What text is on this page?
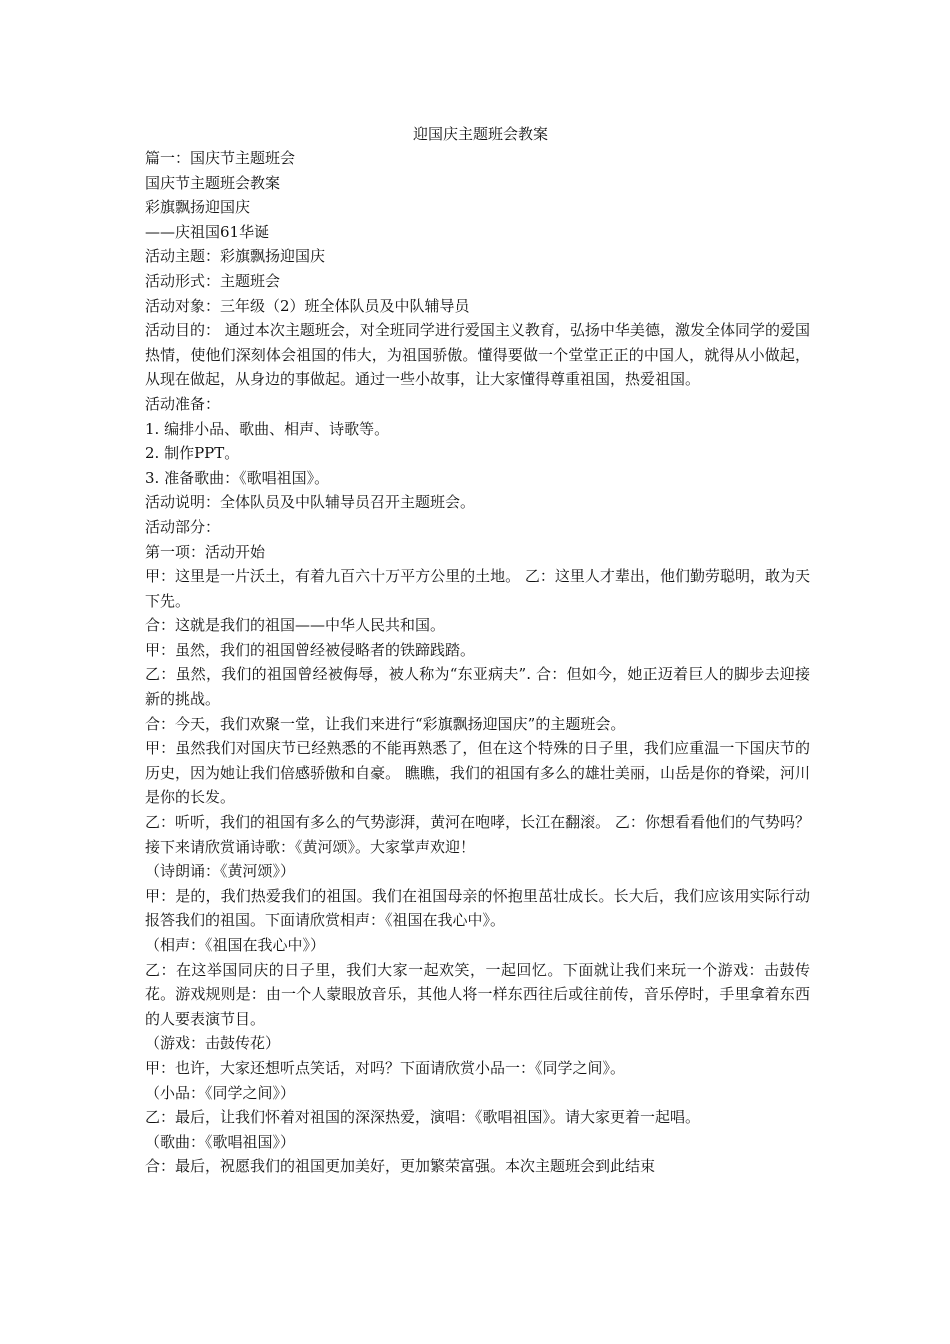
迎国庆主题班会教案

篇一：国庆节主题班会

国庆节主题班会教案

彩旗飘扬迎国庆

——庆祖国61华诞

活动主题：彩旗飘扬迎国庆

活动形式：主题班会

活动对象：三年级（2）班全体队员及中队辅导员

活动目的： 通过本次主题班会，对全班同学进行爱国主义教育，弘扬中华美德，激发全体同学的爱国热情，使他们深刻体会祖国的伟大，为祖国骄傲。懂得要做一个堂堂正正的中国人，就得从小做起，从现在做起，从身边的事做起。通过一些小故事，让大家懂得尊重祖国，热爱祖国。

活动准备：

1. 编排小品、歌曲、相声、诗歌等。

2. 制作PPT。

3. 准备歌曲：《歌唱祖国》。

活动说明：全体队员及中队辅导员召开主题班会。

活动部分：

第一项：活动开始

甲：这里是一片沃土，有着九百六十万平方公里的土地。 乙：这里人才辈出，他们勤劳聪明，敢为天下先。

合：这就是我们的祖国——中华人民共和国。

甲：虽然，我们的祖国曾经被侵略者的铁蹄践踏。

乙：虽然，我们的祖国曾经被侮辱，被人称为“东亚病夫”. 合：但如今，她正迈着巨人的脚步去迎接新的挑战。

合：今天，我们欢聚一堂，让我们来进行“彩旗飘扬迎国庆”的主题班会。

甲：虽然我们对国庆节已经熟悉的不能再熟悉了，但在这个特殊的日子里，我们应重温一下国庆节的历史，因为她让我们倍感骄傲和自豪。 瞧瞧，我们的祖国有多么的雄壮美丽，山岳是你的脊梁，河川是你的长发。

乙：听听，我们的祖国有多么的气势澎湃，黄河在咆哮，长江在翻滚。 乙：你想看看他们的气势吗？接下来请欣赏诵诗歌：《黄河颂》。大家掌声欢迎！

（诗朗诵：《黄河颂》）

甲：是的，我们热爱我们的祖国。我们在祖国母亲的怀抱里茁壮成长。长大后，我们应该用实际行动报答我们的祖国。下面请欣赏相声：《祖国在我心中》。

（相声：《祖国在我心中》）

乙：在这举国同庆的日子里，我们大家一起欢笑，一起回忆。下面就让我们来玩一个游戏：击鼓传花。游戏规则是：由一个人蒙眼放音乐，其他人将一样东西往后或往前传，音乐停时，手里拿着东西的人要表演节目。

（游戏：击鼓传花）

甲：也许，大家还想听点笑话，对吗？下面请欣赏小品一：《同学之间》。

（小品：《同学之间》）

乙：最后，让我们怀着对祖国的深深热爱，演唱：《歌唱祖国》。请大家更着一起唱。

（歌曲：《歌唱祖国》）

合：最后，祝愿我们的祖国更加美好，更加繁荣富强。本次主题班会到此结束
